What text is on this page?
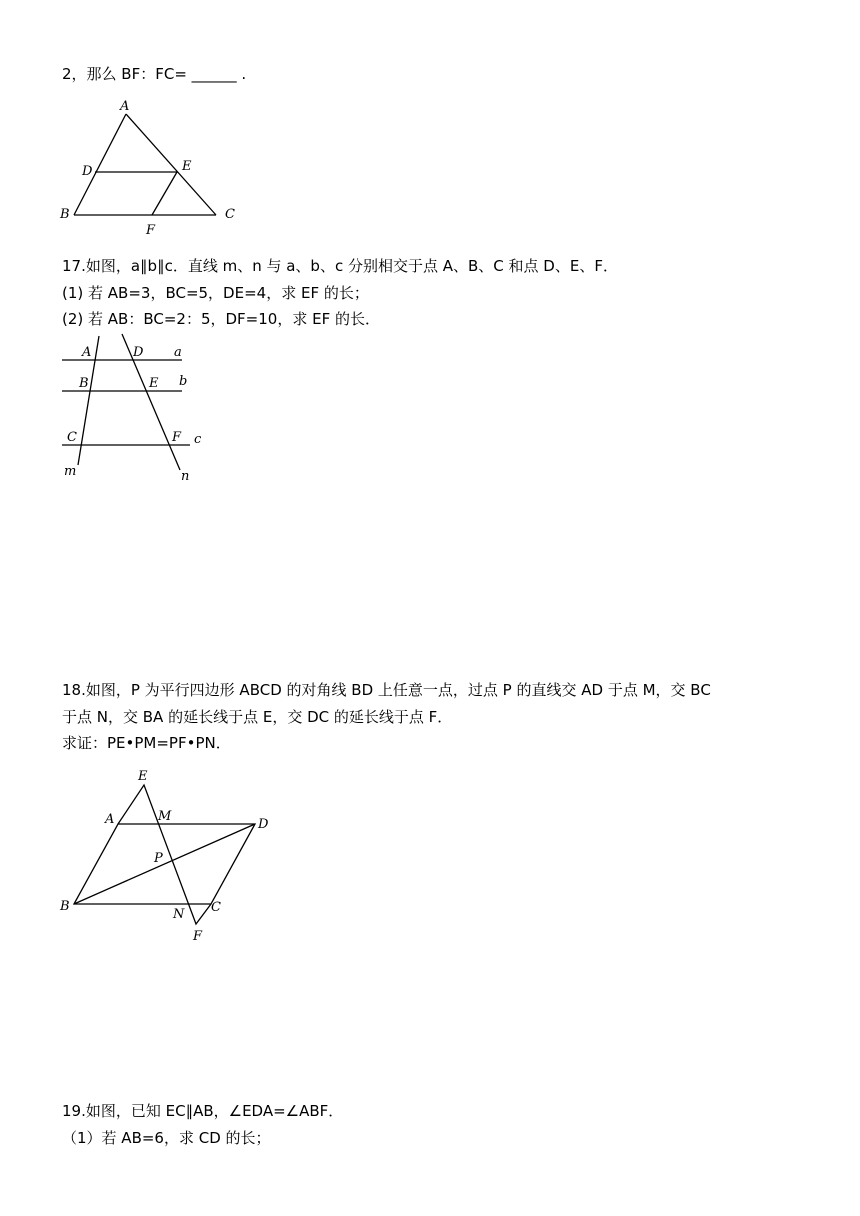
2，那么 BF：FC= ______ .
A
D	E
B
F
C
17.如图，a∥b∥c．直线 m、n 与 a、b、c 分别相交于点 A、B、C 和点 D、E、F．
(1) 若 AB=3，BC=5，DE=4，求 EF 的长；
(2) 若 AB：BC=2：5，DF=10，求 EF 的长．
A	D a
B	E b
C	F c
m	n
18.如图，P 为平行四边形 ABCD 的对角线 BD 上任意一点，过点 P 的直线交 AD 于点 M，交 BC
于点 N，交 BA 的延长线于点 E，交 DC 的延长线于点 F．
求证：PE•PM=PF•PN．
E
A	M
D
P
B
N C
F
19.如图，已知 EC∥AB，∠EDA=∠ABF．
（1）若 AB=6，求 CD 的长；
